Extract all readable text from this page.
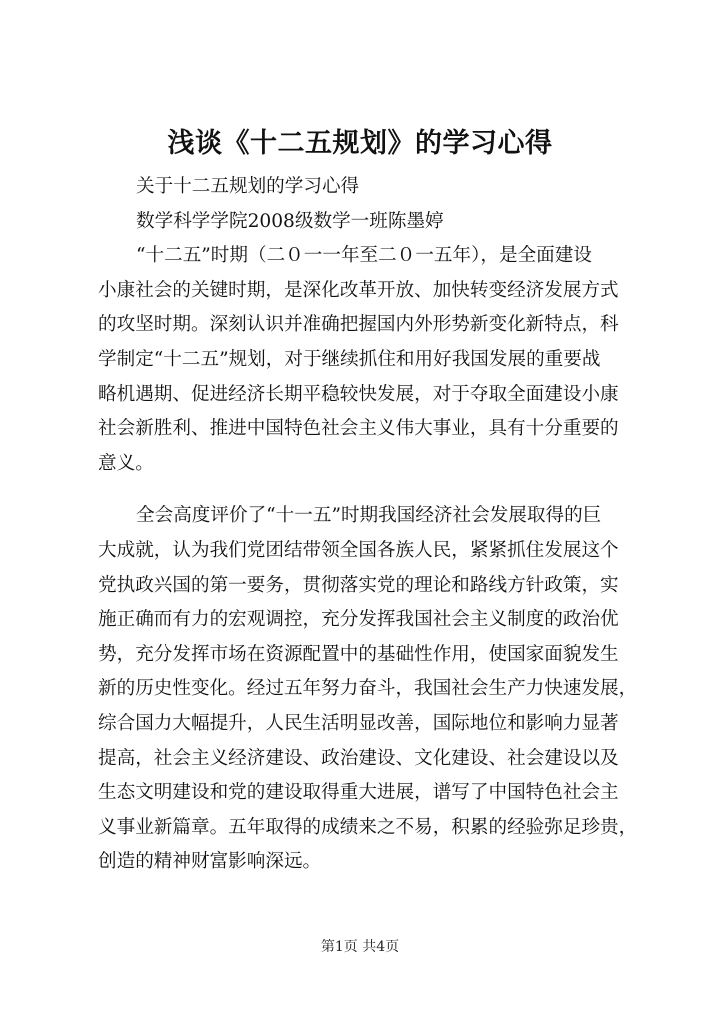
浅谈《十二五规划》的学习心得
关于十二五规划的学习心得
数学科学学院2008级数学一班陈墨婷
“十二五”时期（二０一一年至二０一五年），是全面建设
小康社会的关键时期，是深化改革开放、加快转变经济发展方式
的攻坚时期。深刻认识并准确把握国内外形势新变化新特点，科
学制定“十二五”规划，对于继续抓住和用好我国发展的重要战
略机遇期、促进经济长期平稳较快发展，对于夺取全面建设小康
社会新胜利、推进中国特色社会主义伟大事业，具有十分重要的
意义。
全会高度评价了“十一五”时期我国经济社会发展取得的巨
大成就，认为我们党团结带领全国各族人民，紧紧抓住发展这个
党执政兴国的第一要务，贯彻落实党的理论和路线方针政策，实
施正确而有力的宏观调控，充分发挥我国社会主义制度的政治优
势，充分发挥市场在资源配置中的基础性作用，使国家面貌发生
新的历史性变化。经过五年努力奋斗，我国社会生产力快速发展，
综合国力大幅提升，人民生活明显改善，国际地位和影响力显著
提高，社会主义经济建设、政治建设、文化建设、社会建设以及
生态文明建设和党的建设取得重大进展，谱写了中国特色社会主
义事业新篇章。五年取得的成绩来之不易，积累的经验弥足珍贵，
创造的精神财富影响深远。
第1页 共4页
